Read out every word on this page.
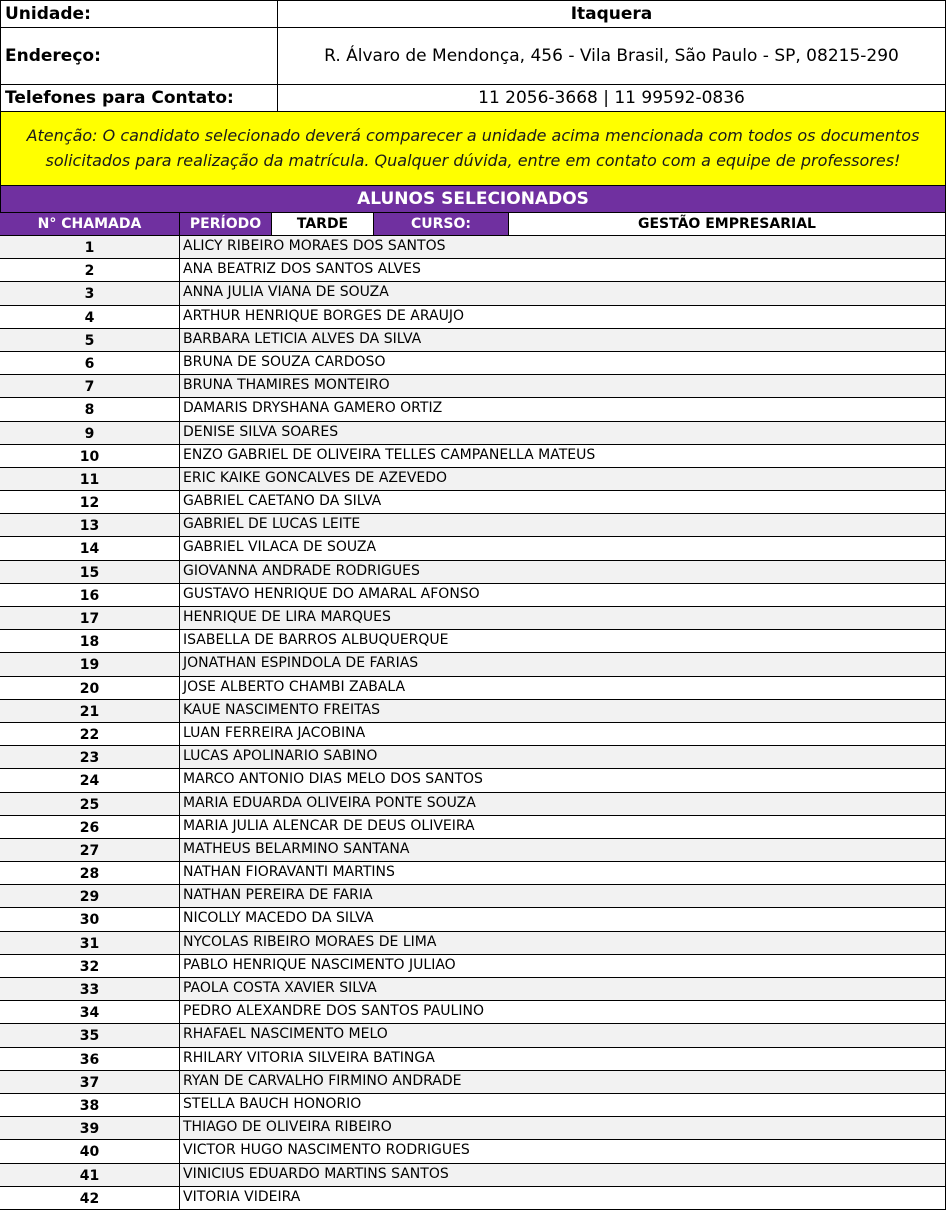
Unidade:	Itaquera
Endereço:	R. Álvaro de Mendonça, 456 - Vila Brasil, São Paulo - SP, 08215-290
Telefones para Contato:	11 2056-3668 | 11 99592-0836
Atenção: O candidato selecionado deverá comparecer a unidade acima mencionada com todos os documentos
solicitados para realização da matrícula. Qualquer dúvida, entre em contato com a equipe de professores!
ALUNOS SELECIONADOS
N° CHAMADA	PERÍODO	TARDE	CURSO:	GESTÃO EMPRESARIAL
1	ALICY RIBEIRO MORAES DOS SANTOS
2	ANA BEATRIZ DOS SANTOS ALVES
3	ANNA JULIA VIANA DE SOUZA
4	ARTHUR HENRIQUE BORGES DE ARAUJO
5	BARBARA LETICIA ALVES DA SILVA
6	BRUNA DE SOUZA CARDOSO
7	BRUNA THAMIRES MONTEIRO
8	DAMARIS DRYSHANA GAMERO ORTIZ
9	DENISE SILVA SOARES
10	ENZO GABRIEL DE OLIVEIRA TELLES CAMPANELLA MATEUS
11	ERIC KAIKE GONCALVES DE AZEVEDO
12	GABRIEL CAETANO DA SILVA
13	GABRIEL DE LUCAS LEITE
14	GABRIEL VILACA DE SOUZA
15	GIOVANNA ANDRADE RODRIGUES
16	GUSTAVO HENRIQUE DO AMARAL AFONSO
17	HENRIQUE DE LIRA MARQUES
18	ISABELLA DE BARROS ALBUQUERQUE
19	JONATHAN ESPINDOLA DE FARIAS
20	JOSE ALBERTO CHAMBI ZABALA
21	KAUE NASCIMENTO FREITAS
22	LUAN FERREIRA JACOBINA
23	LUCAS APOLINARIO SABINO
24	MARCO ANTONIO DIAS MELO DOS SANTOS
25	MARIA EDUARDA OLIVEIRA PONTE SOUZA
26	MARIA JULIA ALENCAR DE DEUS OLIVEIRA
27	MATHEUS BELARMINO SANTANA
28	NATHAN FIORAVANTI MARTINS
29	NATHAN PEREIRA DE FARIA
30	NICOLLY MACEDO DA SILVA
31	NYCOLAS RIBEIRO MORAES DE LIMA
32	PABLO HENRIQUE NASCIMENTO JULIAO
33	PAOLA COSTA XAVIER SILVA
34	PEDRO ALEXANDRE DOS SANTOS PAULINO
35	RHAFAEL NASCIMENTO MELO
36	RHILARY VITORIA SILVEIRA BATINGA
37	RYAN DE CARVALHO FIRMINO ANDRADE
38	STELLA BAUCH HONORIO
39	THIAGO DE OLIVEIRA RIBEIRO
40	VICTOR HUGO NASCIMENTO RODRIGUES
41	VINICIUS EDUARDO MARTINS SANTOS
42	VITORIA VIDEIRA
